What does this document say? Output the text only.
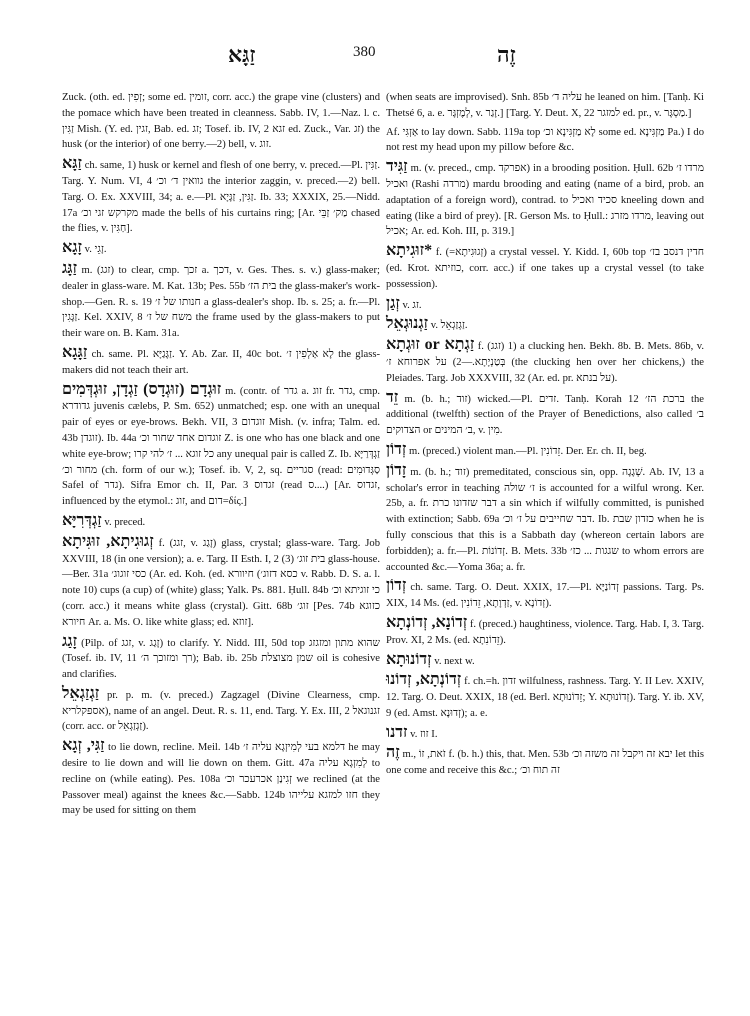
זַגָּא	380	זֶה

Zuck. (oth. ed. זְפִין; some ed. זומין, corr. acc.) the grape vine (clusters) and the pomace which have been treated in cleanness. Sabb. IV, 1.—Naz. l. c. זַגִּין Mish. (Y. ed. זגין, Bab. ed. זג; Tosef. ib. IV, 2 זגא ed. Zuck., Var. זג) the husk (or the interior) of one berry.—2) bell, v. זוג.

זַגָּא ch. same, 1) husk or kernel and flesh of one berry, v. preced.—Pl. זַגִּין. Targ. Y. Num. VI, 4 גוואין ד׳ וכ׳ the interior zaggin, v. preced.—2) bell. Targ. O. Ex. XXVIII, 34; a. e.—Pl. זַגִּין, זַגָּיָא. Ib. 33; XXXIX, 25.—Nidd. 17a מקרקש זגי וכ׳ made the bells of his curtains ring; [Ar. מַק׳ זַבֵּי chased the flies, v. חַגִּין].

זָגָא v. זָגֵי.

זַגָּג m. (זגג) to clear, cmp. זכך a. דכך, v. Ges. Thes. s. v.) glass-maker; dealer in glass-ware. M. Kat. 13b; Pes. 55b בית הז׳ the glass-maker's work-shop.—Gen. R. s. 19 חנותו של ז׳ a glass-dealer's shop. Ib. s. 25; a. fr.—Pl. זַגָּגִין. Kel. XXIV, 8 משח של ז׳ the frame used by the glass-makers to put their ware on. B. Kam. 31a.

זַגָּגָא ch. same. Pl. זַגָּגַיָּא. Y. Ab. Zar. II, 40c bot. לָא אַלְפִין ז׳ the glass-makers did not teach their art.

זוּגְדָם (זוּגְדָס) זַגְדָן, זוּגְדְּמִים m. (contr. of גדר a. זוג fr. גדר, cmp. גדודרא juvenis cælebs, P. Sm. 652) unmatched; esp. one with an unequal pair of eyes or eye-brows. Bekh. VII, 3 זוגדום Mish. (v. infra; Talm. ed. 43b זוגדן). Ib. 44a זוגדום אחד שחור וכ׳ Z. is one who has one black and one white eye-brow; כל זוגא ... ז׳ להי קרו any unequal pair is called Z. Ib. זַגְדְּרַיָּא מחור וכ׳ (ch. form of our w.); Tosef. ib. V, 2, sq. סגריים (read: סַגְּדוּמִים Safel of גדר). Sifra Emor ch. II, Par. 3 זגדוס (read ס....) [Ar. זגדוס, influenced by the etymol.: זוג, and דום=δίς.]

זַגְדְּרִיָּא v. preced.

זְגוּגִיתָא, זוּגִּיתָא f. (זגג, v. זָגַג) glass, crystal; glass-ware. Targ. Job XXVIII, 18 (in one version); a. e. Targ. II Esth. I, 2 (3) בית זוג׳ glass-house.—Ber. 31a כסי זוגוג׳ (Ar. ed. Koh. (ed. חיוורא (כסא דזוג׳ v. Rabb. D. S. a. l. note 10) cups (a cup) of (white) glass; Yalk. Ps. 881. Ḥull. 84b כי זוגיתא וכ׳ (corr. acc.) it means white glass (crystal). Gitt. 68b זוג׳ [Pes. 74b כזוגא חיורא Ar. a. Ms. O. like white glass; ed. זוזא].

זָגַג (Pilp. of זגג, v. זָגַג) to clarify. Y. Nidd. III, 50d top שהוא מתון ומזגזג (Tosef. ib. IV, 11 רך ומזוכך ה׳); Bab. ib. 25b שמן מצוצלת oil is cohesive and clarifies.

זַגְזַגְאֵל pr. p. m. (v. preced.) Zagzagel (Divine Clearness, cmp. אספקלריא), name of an angel. Deut. R. s. 11, end. Targ. Y. Ex. III, 2 זגנוגאל (corr. acc. or זַגְזַגְאֵל).

זַגִּי, זְגָא to lie down, recline. Meil. 14b דלמא בעי לְמִיזְגָא עליה ז׳ he may desire to lie down and will lie down on them. Gitt. 47a לְמִזְגָא עליה to recline on (while eating). Pes. 108a זְגִינַן אכרעכר וכ׳ we reclined (at the Passover meal) against the knees &c.—Sabb. 124b חזו למזגא עלייהו they may be used for sitting on them

(when seats are improvised). Snh. 85b עליה ד׳ he leaned on him. [Tanḥ. Ki Thetsé 6, a. e. לְמֶזְגָּר, v. זָגַר.] [Targ. Y. Deut. X, 22 למזגר ed. pr., v. מַסְגָּר.]

Af. אַזְגִּי to lay down. Sabb. 119a top לָא מַזְגִּינָא וכ׳ some ed. מַזְגִּינָא Pa.) I do not rest my head upon my pillow before &c.

זַגִּיד m. (v. preced., cmp. אפרקד) in a brooding position. Ḥull. 62b מרדו ז׳ ואכיל (Rashi מרדה) mardu brooding and eating (name of a bird, prob. an adaptation of a foreign word), contrad. to סכיד ואכיל kneeling down and eating (like a bird of prey). [R. Gerson Ms. to Ḥull.: מרדו מזרג, leaving out אכיל; Ar. ed. Koh. III, p. 319.]

*זוּגִיתָא f. (=זְגוּגִיתָא) a crystal vessel. Y. Kidd. I, 60b top חדין דנסב בז׳ (ed. Krot. כוזיתא, corr. acc.) if one takes up a crystal vessel (to take possession).

זְגַן v. זג.

זַגְנוּגְאֵל v. זַגְזַגְאֵל.

זַגְתָא or זוּגְתָא f. (זגג) 1) a clucking hen. Bekh. 8b. B. Mets. 86b, v. בְּטַנְיָתָא.—2) על אפרוחא ז׳ (the clucking hen over her chickens,) the Pleiades. Targ. Job XXXVIII, 32 (Ar. ed. pr. על בנתא).

זֵד m. (b. h.; זוד) wicked.—Pl. זדים. Tanḥ. Korah 12 ברכת הז׳ the additional (twelfth) section of the Prayer of Benedictions, also called ב׳ הצדוקים or ב׳ המינים, v. מִין.

זְדוֹן m. (preced.) violent man.—Pl. זֵדוֹנִין. Der. Er. ch. II, beg.

זָדוֹן m. (b. h.; זוד) premeditated, conscious sin, opp. שְׁגָגָה. Ab. IV, 13 a scholar's error in teaching ז׳ שולה is accounted for a wilful wrong. Ker. 25b, a. fr. דבר שזדונו כרת a sin which if wilfully committed, is punished with extinction; Sabb. 69a דבר שחייבים על ז׳ וכ׳. Ib. כזדון שבת when he is fully conscious that this is a Sabbath day (whereon certain labors are forbidden); a. fr.—Pl. זְדוֹנוֹת. B. Mets. 33b שגגות ... כז׳ to whom errors are accounted &c.—Yoma 36a; a. fr.

זְדוֹן ch. same. Targ. O. Deut. XXIX, 17.—Pl. זְדוֹנַיָּא passions. Targ. Ps. XIX, 14 Ms. (ed. זַדְוָתָא, זֵדוֹנִין, v. זְדוֹנָא).

זְדוֹנָא, זְדוֹנְתָא f. (preced.) haughtiness, violence. Targ. Hab. I, 3. Targ. Prov. XI, 2 Ms. (ed. זֵדוֹנִתָא).

זְדוֹנוּתָא v. next w.

זְדוֹנְתָא, זְדוֹנוּ f. ch.=h. זדון wilfulness, rashness. Targ. Y. II Lev. XXIV, 12. Targ. O. Deut. XXIX, 18 (ed. Berl. זֵדוֹנוּתָא; Y. זְדוֹנוּתָא). Targ. Y. ib. XV, 9 (ed. Amst. זְדוּנָא); a. e.

זדנו v. זוז I.

זֶה m., זֹאת, זוֹ f. (b. h.) this, that. Men. 53b יבא זה ויקבל זה משזה וכ׳ let this one come and receive this &c.; זה תוח וכ׳
